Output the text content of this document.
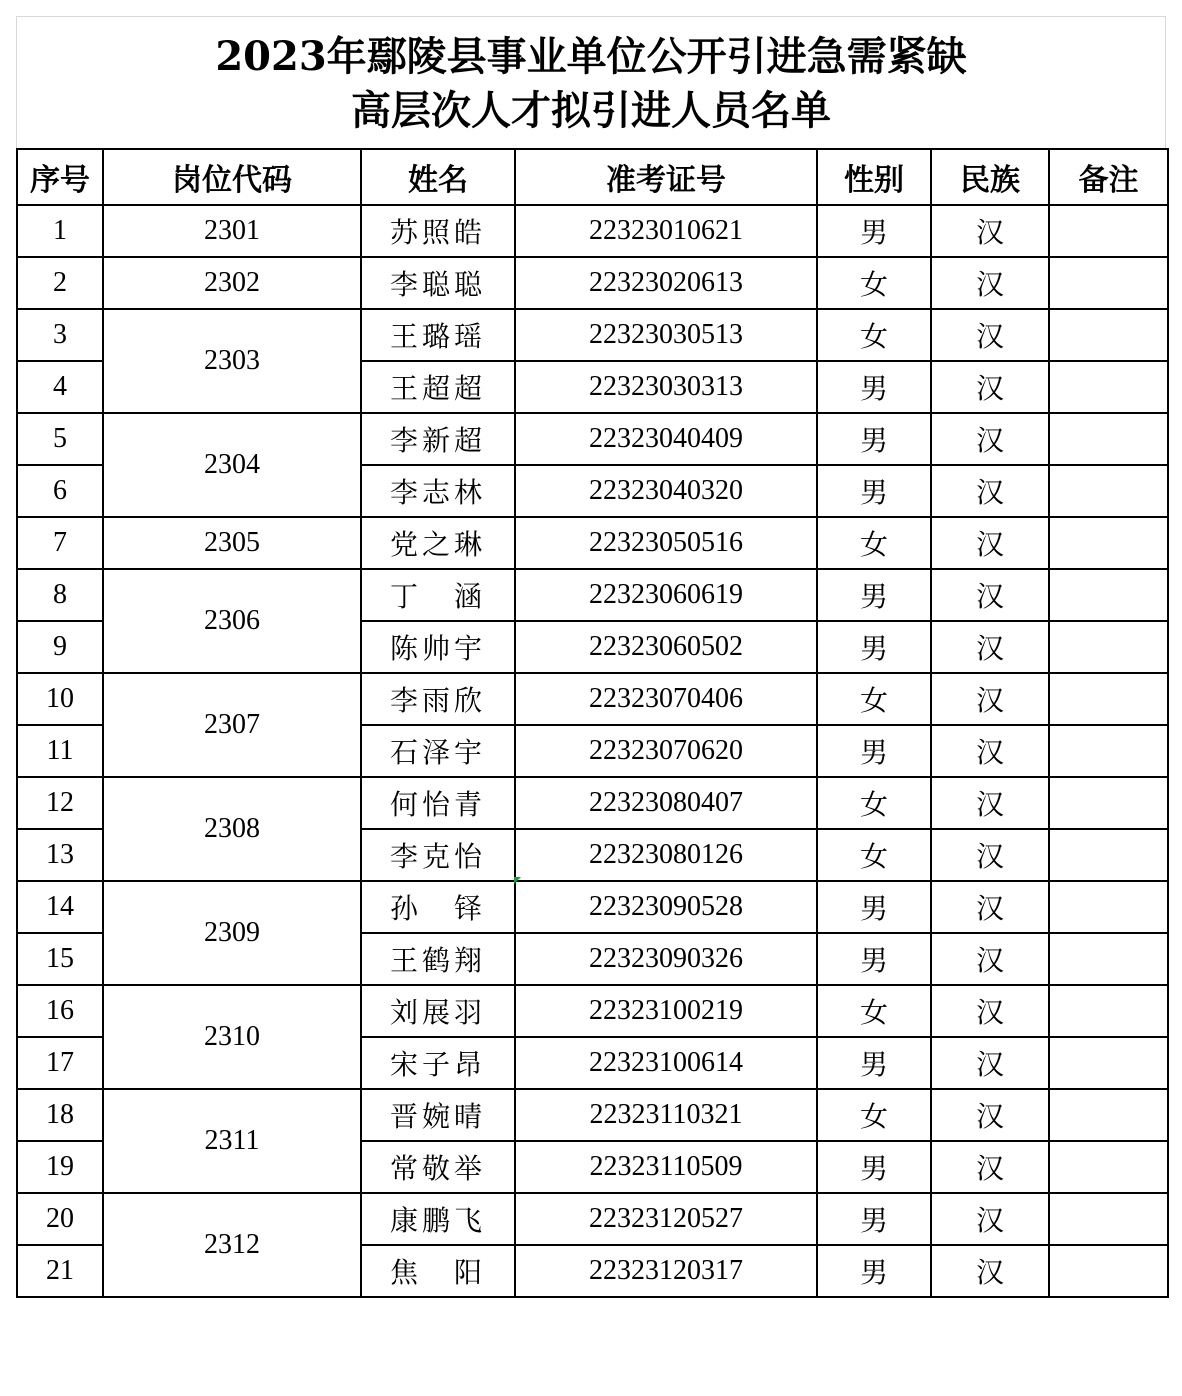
2023年鄢陵县事业单位公开引进急需紧缺
高层次人才拟引进人员名单
序号	岗位代码	姓名	准考证号	性别	民族	备注
1	2301	苏照皓	22323010621	男	汉	
2	2302	李聪聪	22323020613	女	汉	
3	2303	王璐瑶	22323030513	女	汉	
4		王超超	22323030313	男	汉	
5	2304	李新超	22323040409	男	汉	
6		李志林	22323040320	男	汉	
7	2305	党之琳	22323050516	女	汉	
8	2306	丁　涵	22323060619	男	汉	
9		陈帅宇	22323060502	男	汉	
10	2307	李雨欣	22323070406	女	汉	
11		石泽宇	22323070620	男	汉	
12	2308	何怡青	22323080407	女	汉	
13		李克怡	22323080126	女	汉	
14	2309	孙　铎	22323090528	男	汉	
15		王鹤翔	22323090326	男	汉	
16	2310	刘展羽	22323100219	女	汉	
17		宋子昂	22323100614	男	汉	
18	2311	晋婉晴	22323110321	女	汉	
19		常敬举	22323110509	男	汉	
20	2312	康鹏飞	22323120527	男	汉	
21		焦　阳	22323120317	男	汉	
